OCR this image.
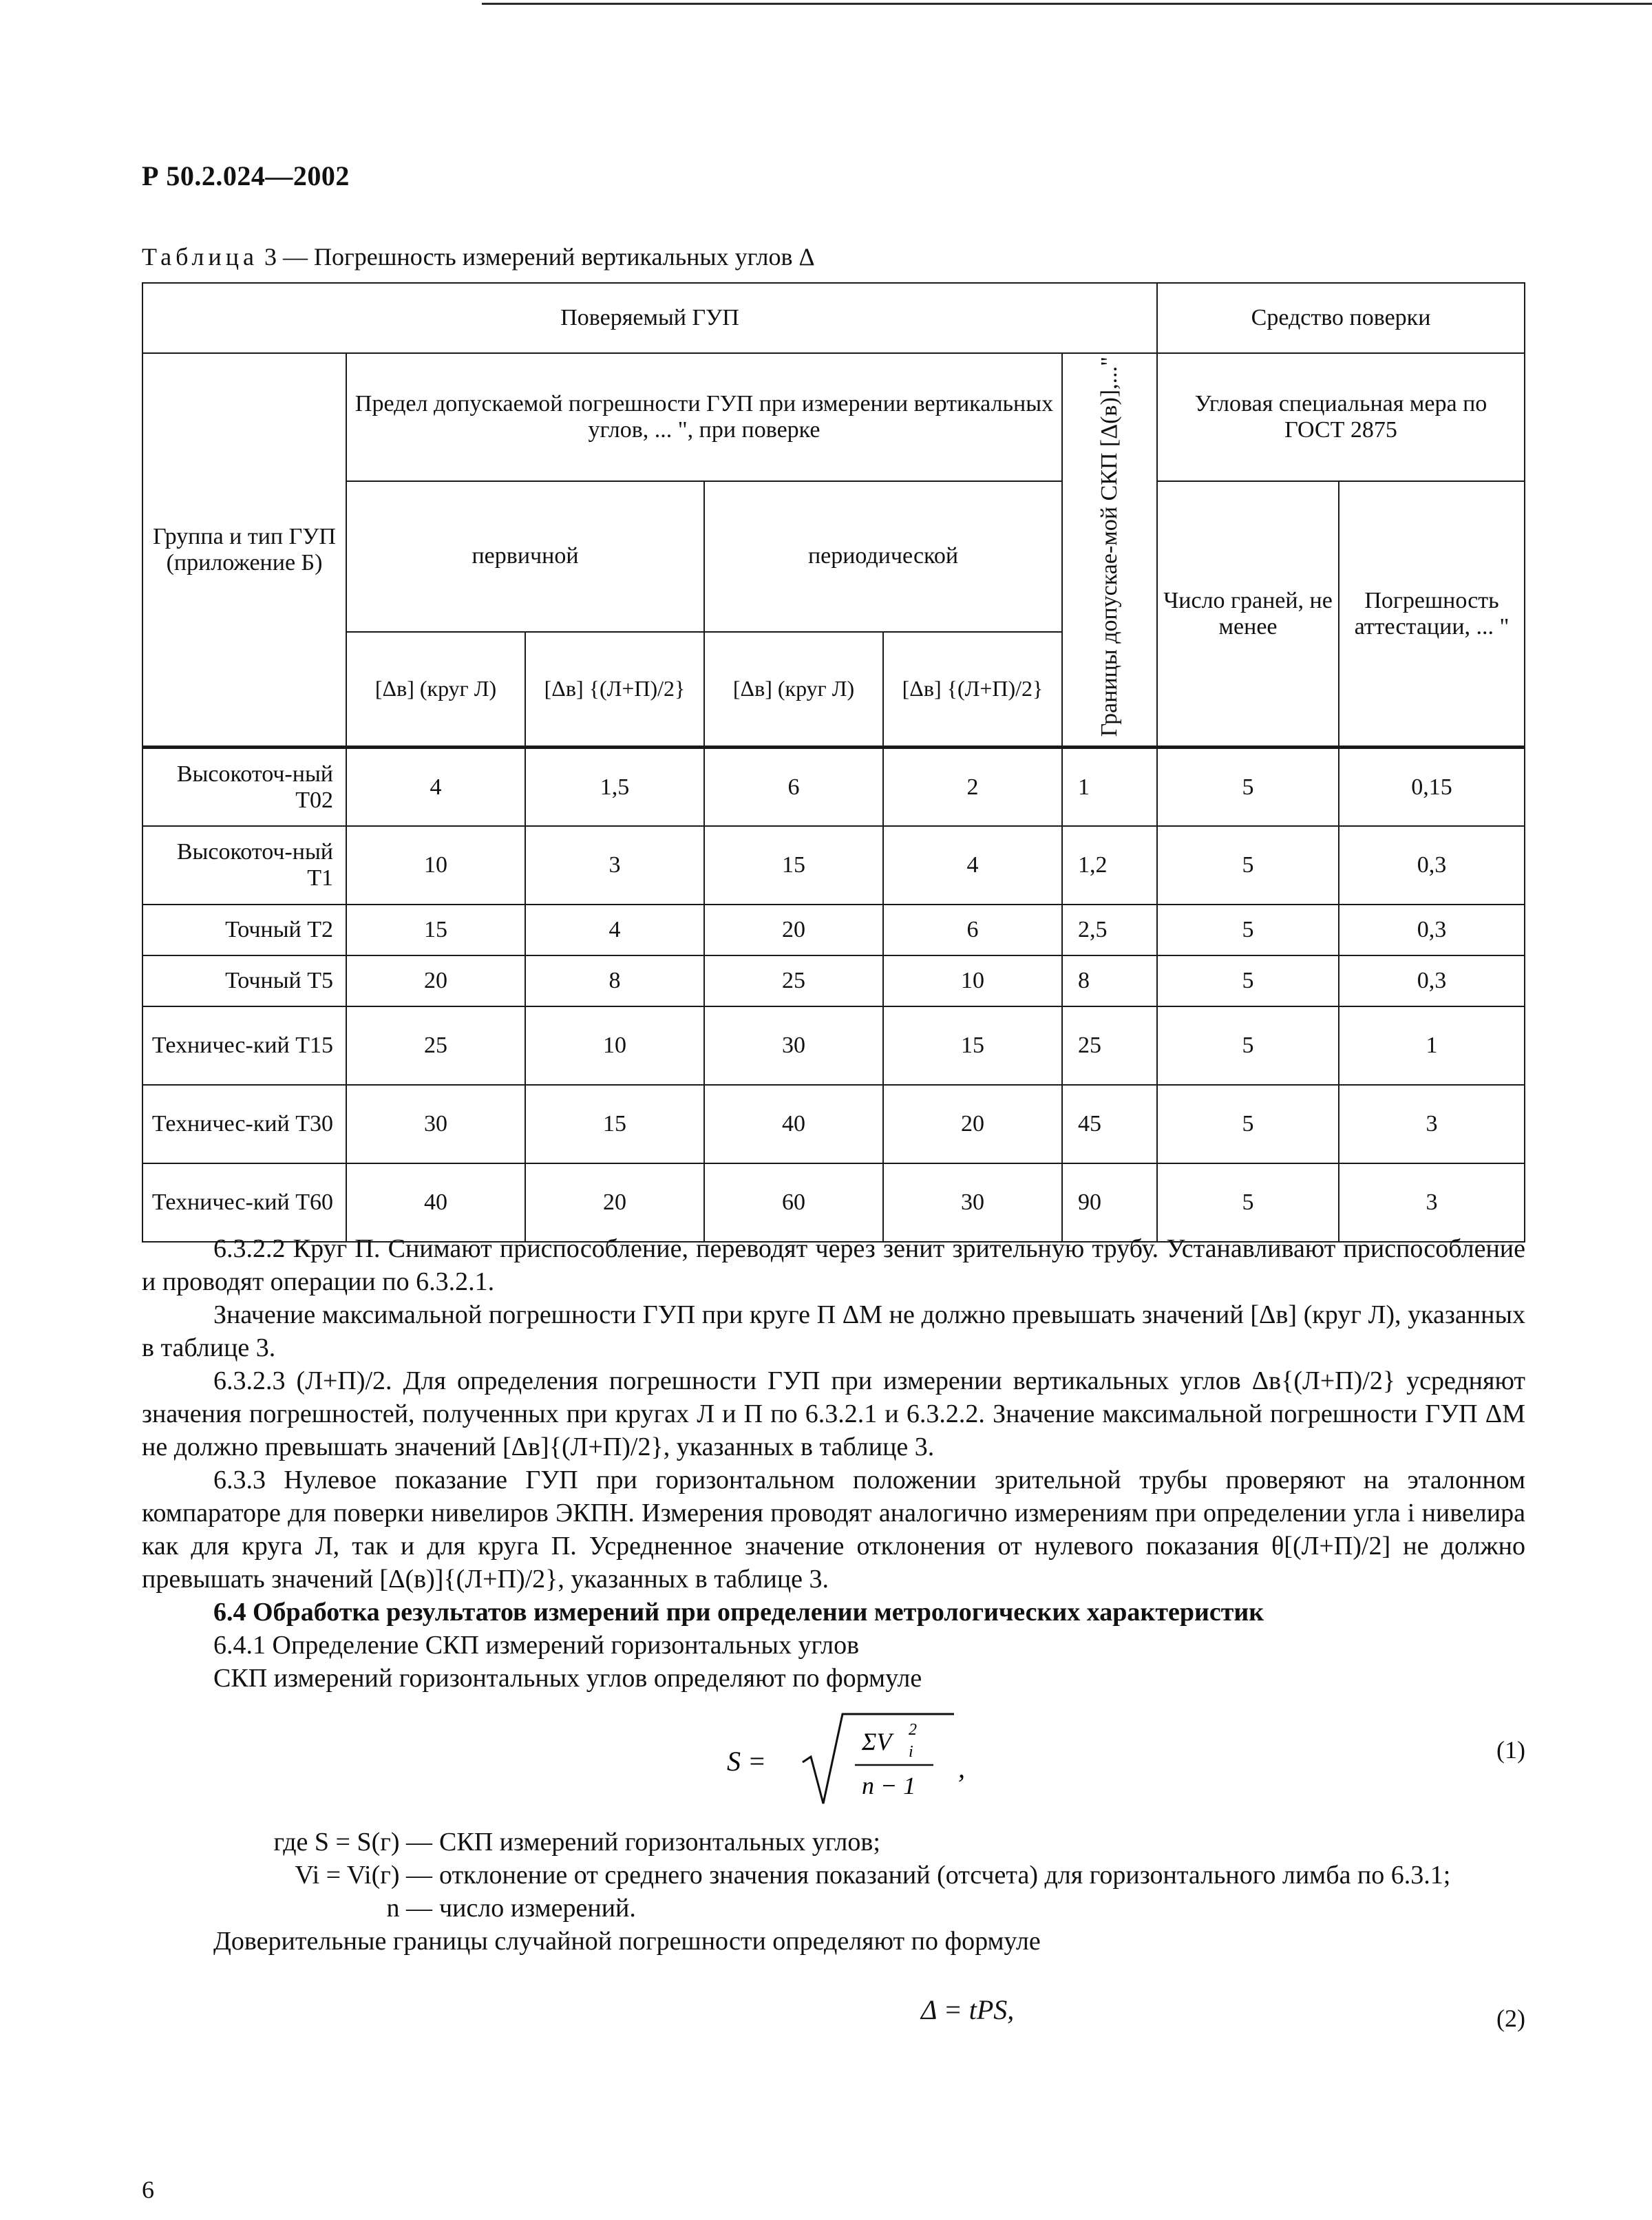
Р 50.2.024—2002
Таблица 3 — Погрешность измерений вертикальных углов Δ
Поверяемый ГУП						Средство поверки	
Группа и тип ГУП (приложение Б)	Предел допускаемой погрешности ГУП при измерении вертикальных углов, ... ", при поверке				Границы допускае-мой СКП [Δ(в)],..."	Угловая специальная мера по ГОСТ 2875	
	первичной		периодической			Число граней, не менее	Погрешность аттестации, ... "
	[Δв] (круг Л)	[Δв] {(Л+П)/2}	[Δв] (круг Л)	[Δв] {(Л+П)/2}			
Высокоточ-ный Т02	4	1,5	6	2	1	5	0,15
Высокоточ-ный Т1	10	3	15	4	1,2	5	0,3
Точный Т2	15	4	20	6	2,5	5	0,3
Точный Т5	20	8	25	10	8	5	0,3
Техничес-кий Т15	25	10	30	15	25	5	1
Техничес-кий Т30	30	15	40	20	45	5	3
Техничес-кий Т60	40	20	60	30	90	5	3

6.3.2.2 Круг П. Снимают приспособление, переводят через зенит зрительную трубу. Устанавливают приспособление и проводят операции по 6.3.2.1.

Значение максимальной погрешности ГУП при круге П ΔМ не должно превышать значений [Δв] (круг Л), указанных в таблице 3.

6.3.2.3 (Л+П)/2. Для определения погрешности ГУП при измерении вертикальных углов Δв{(Л+П)/2} усредняют значения погрешностей, полученных при кругах Л и П по 6.3.2.1 и 6.3.2.2. Значение максимальной погрешности ГУП ΔМ не должно превышать значений [Δв]{(Л+П)/2}, указанных в таблице 3.

6.3.3 Нулевое показание ГУП при горизонтальном положении зрительной трубы проверяют на эталонном компараторе для поверки нивелиров ЭКПН. Измерения проводят аналогично измерениям при определении угла i нивелира как для круга Л, так и для круга П. Усредненное значение отклонения от нулевого показания θ[(Л+П)/2] не должно превышать значений [Δ(в)]{(Л+П)/2}, указанных в таблице 3.

6.4 Обработка результатов измерений при определении метрологических характеристик

6.4.1 Определение СКП измерений горизонтальных углов

СКП измерений горизонтальных углов определяют по формуле

S =
ΣV 2
i
n − 1
,
(1)
где S = S(г) — СКП измерений горизонтальных углов;
Vi = Vi(г) — отклонение от среднего значения показаний (отсчета) для горизонтального лимба по 6.3.1;
n — число измерений.

Доверительные границы случайной погрешности определяют по формуле

Δ = tPS,	(2)
6
